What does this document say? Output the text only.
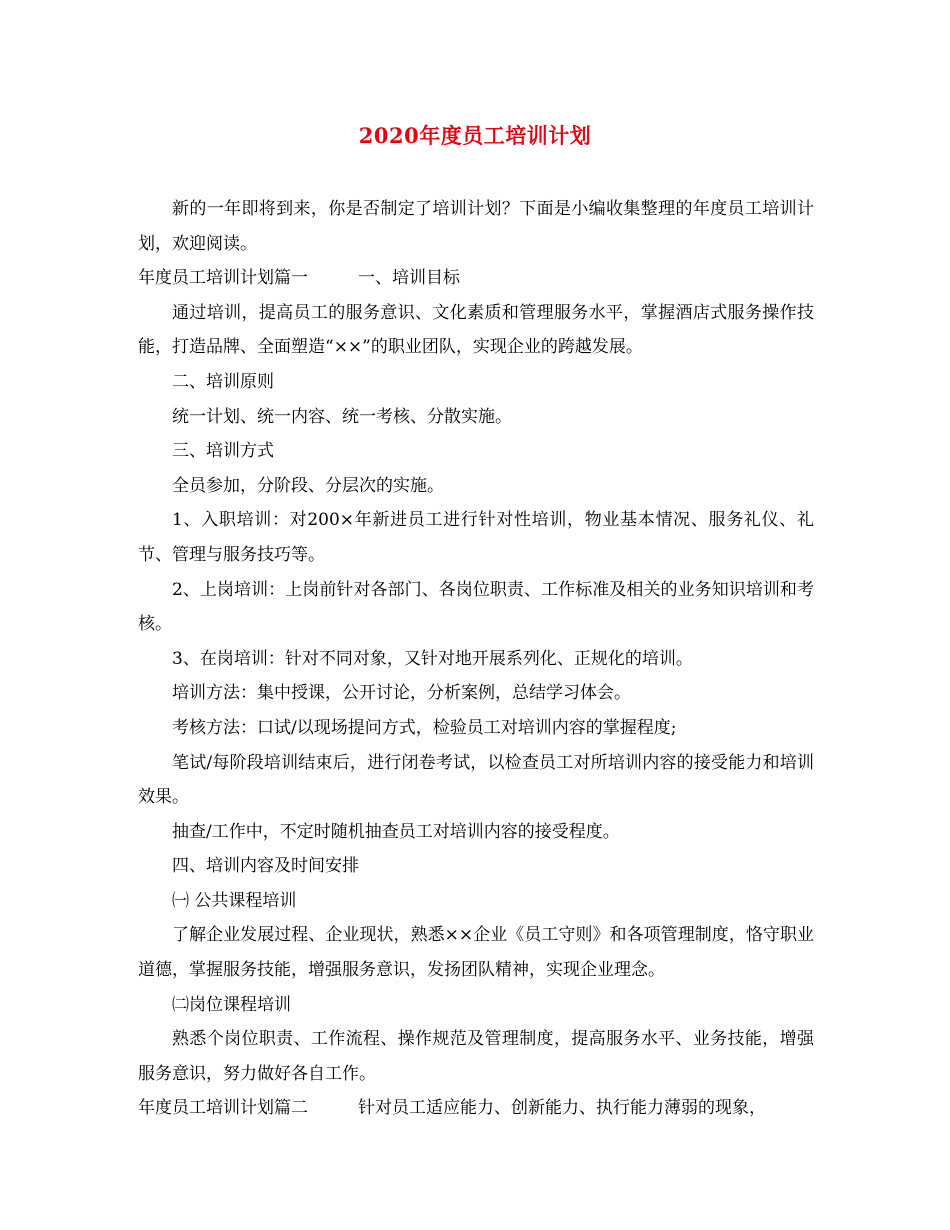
2020年度员工培训计划

新的一年即将到来，你是否制定了培训计划？下面是小编收集整理的年度员工培训计划，欢迎阅读。

年度员工培训计划篇一	一、培训目标

通过培训，提高员工的服务意识、文化素质和管理服务水平，掌握酒店式服务操作技能，打造品牌、全面塑造“××”的职业团队，实现企业的跨越发展。

二、培训原则

统一计划、统一内容、统一考核、分散实施。

三、培训方式

全员参加，分阶段、分层次的实施。

1、入职培训：对200×年新进员工进行针对性培训，物业基本情况、服务礼仪、礼节、管理与服务技巧等。

2、上岗培训：上岗前针对各部门、各岗位职责、工作标准及相关的业务知识培训和考核。

3、在岗培训：针对不同对象，又针对地开展系列化、正规化的培训。

培训方法：集中授课，公开讨论，分析案例，总结学习体会。

考核方法：口试/以现场提问方式，检验员工对培训内容的掌握程度;

笔试/每阶段培训结束后，进行闭卷考试，以检查员工对所培训内容的接受能力和培训效果。

抽查/工作中，不定时随机抽查员工对培训内容的接受程度。

四、培训内容及时间安排

㈠ 公共课程培训

了解企业发展过程、企业现状，熟悉××企业《员工守则》和各项管理制度，恪守职业道德，掌握服务技能，增强服务意识，发扬团队精神，实现企业理念。

㈡岗位课程培训

熟悉个岗位职责、工作流程、操作规范及管理制度，提高服务水平、业务技能，增强服务意识，努力做好各自工作。

年度员工培训计划篇二	针对员工适应能力、创新能力、执行能力薄弱的现象，
